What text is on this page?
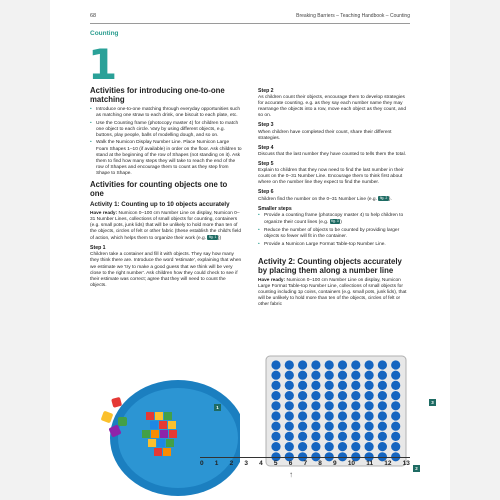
68	Breaking Barriers – Teaching Handbook – Counting
Counting
1
Activities for introducing one-to-one matching
• Introduce one-to-one matching through everyday opportunities such as matching one straw to each drink, one biscuit to each plate, etc.
• Use the Counting frame (photocopy master 4) for children to match one object to each circle. Vary by using different objects, e.g. buttons, play people, balls of modelling dough, and so on.
• Walk the Numicon Display Number Line. Place Numicon Large Foam Shapes 1–10 (if available) in order on the floor. Ask children to stand at the beginning of the row of Shapes (not standing on it). Ask them to find how many steps they will take to reach the end of the row of Shapes and encourage them to count as they step from Shape to Shape.
Activities for counting objects one to one
Activity 1: Counting up to 10 objects accurately

Have ready: Numicon 0–100 cm Number Line on display, Numicon 0–31 Number Lines, collections of small objects for counting, containers (e.g. small pots, junk lids) that will be unlikely to hold more than ten of the objects, circles of felt or other fabric (these establish the child's field of action, which helps them to organize their work (e.g. fig. 1 ))

Step 1

Children take a container and fill it with objects. They say how many they think there are. Introduce the word 'estimate', explaining that when we estimate we 'try to make a good guess that we think will be very close to the right number'. Ask children how they could check to see if their estimate was correct; agree that they will need to count the objects.

Step 2

As children count their objects, encourage them to develop strategies for accurate counting. e.g. as they say each number name they may rearrange the objects into a row, move each object as they count, and so on.

Step 3

When children have completed their count, share their different strategies.

Step 4

Discuss that the last number they have counted to tells them the total.

Step 5

Explain to children that they now need to find the last number in their count on the 0–31 Number Line. Encourage them to think first about where on the number line they expect to find the number.

Step 6

Children find the number on the 0–31 Number Line (e.g. fig. 2 ).

Smaller steps
• Provide a counting frame (photocopy master 4) to help children to organize their count lines (e.g. fig. 3 )
• Reduce the number of objects to be counted by providing larger objects so fewer will fit in the container.
• Provide a Numicon Large Format Table-top Number Line.
Activity 2: Counting objects accurately by placing them along a number line

Have ready: Numicon 0–100 cm Number Line on display, Numicon Large Format Table-top Number Line, collections of small objects for counting including 1p coins, containers (e.g. small pots, junk lids), that will be unlikely to hold more than ten of the objects, circles of felt or other fabric

1
3
2
0 1 2 3 4 5 6 7 8 9 10 11 12 13
↑
